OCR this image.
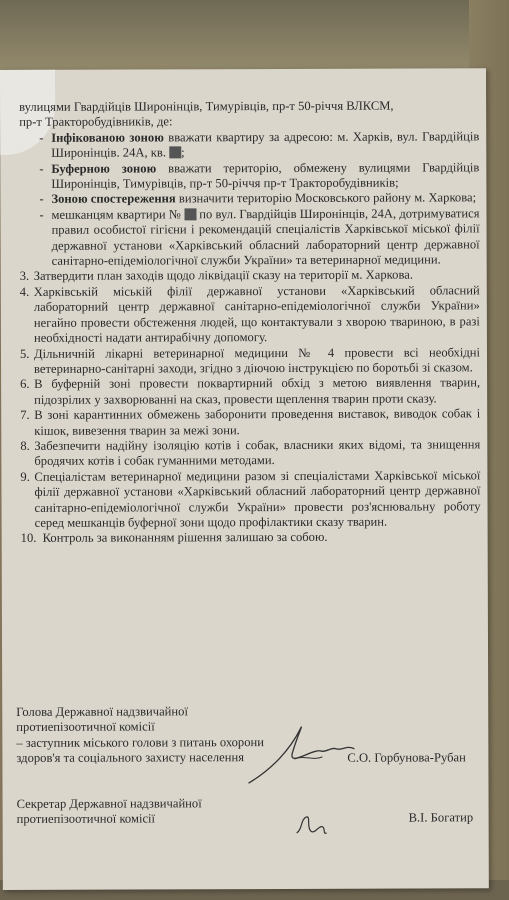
вулицями Гвардійців Широнінців, Тимурівців, пр-т 50-річчя ВЛКСМ,

пр-т Тракторобудівників, де:

- Інфікованою зоною вважати квартиру за адресою: м. Харків, вул. Гвардійців Широнінців. 24А, кв. ;

- Буферною зоною вважати територію, обмежену вулицями Гвардійців Широнінців, Тимурівців, пр-т 50-річчя пр-т Тракторобудівників;

- Зоною спостереження визначити територію Московського району м. Харкова;

- мешканцям квартири № по вул. Гвардійців Широнінців, 24А, дотримуватися правил особистої гігієни і рекомендацій спеціалістів Харківської міської філії державної установи «Харківський обласний лабораторний центр державної санітарно-епідеміологічної служби України» та ветеринарної медицини.

3. Затвердити план заходів щодо ліквідації сказу на території м. Харкова.

4. Харківській міській філії державної установи «Харківський обласний лабораторний центр державної санітарно-епідеміологічної служби України» негайно провести обстеження людей, що контактували з хворою твариною, в разі необхідності надати антирабічну допомогу.

5. Дільничній лікарні ветеринарної медицини № 4 провести всі необхідні ветеринарно-санітарні заходи, згідно з діючою інструкцією по боротьбі зі сказом.

6. В буферній зоні провести поквартирний обхід з метою виявлення тварин, підозрілих у захворюванні на сказ, провести щеплення тварин проти сказу.

7. В зоні карантинних обмежень заборонити проведення виставок, виводок собак і кішок, вивезення тварин за межі зони.

8. Забезпечити надійну ізоляцію котів і собак, власники яких відомі, та знищення бродячих котів і собак гуманними методами.

9. Спеціалістам ветеринарної медицини разом зі спеціалістами Харківської міської філії державної установи «Харківський обласний лабораторний центр державної санітарно-епідеміологічної служби України» провести роз'яснювальну роботу серед мешканців буферної зони щодо профілактики сказу тварин.

10. Контроль за виконанням рішення залишаю за собою.

Голова Державної надзвичайної
протиепізоотичної комісії
– заступник міського голови з питань охорони
здоров'я та соціального захисту населення	С.О. Горбунова-Рубан
Секретар Державної надзвичайної
протиепізоотичної комісії	В.І. Богатир
